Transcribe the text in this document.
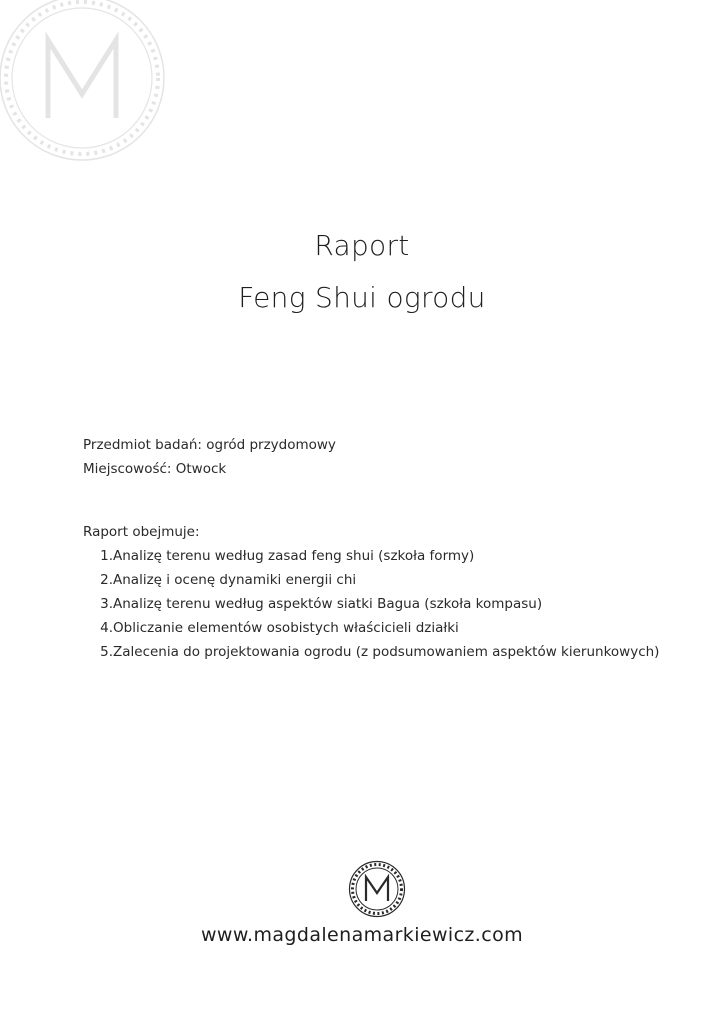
Raport
Feng Shui ogrodu
Przedmiot badań: ogród przydomowy
Miejscowość: Otwock
Raport obejmuje:
1.Analizę terenu według zasad feng shui (szkoła formy)
2.Analizę i ocenę dynamiki energii chi
3.Analizę terenu według aspektów siatki Bagua (szkoła kompasu)
4.Obliczanie elementów osobistych właścicieli działki
5.Zalecenia do projektowania ogrodu (z podsumowaniem aspektów kierunkowych)
www.magdalenamarkiewicz.com
